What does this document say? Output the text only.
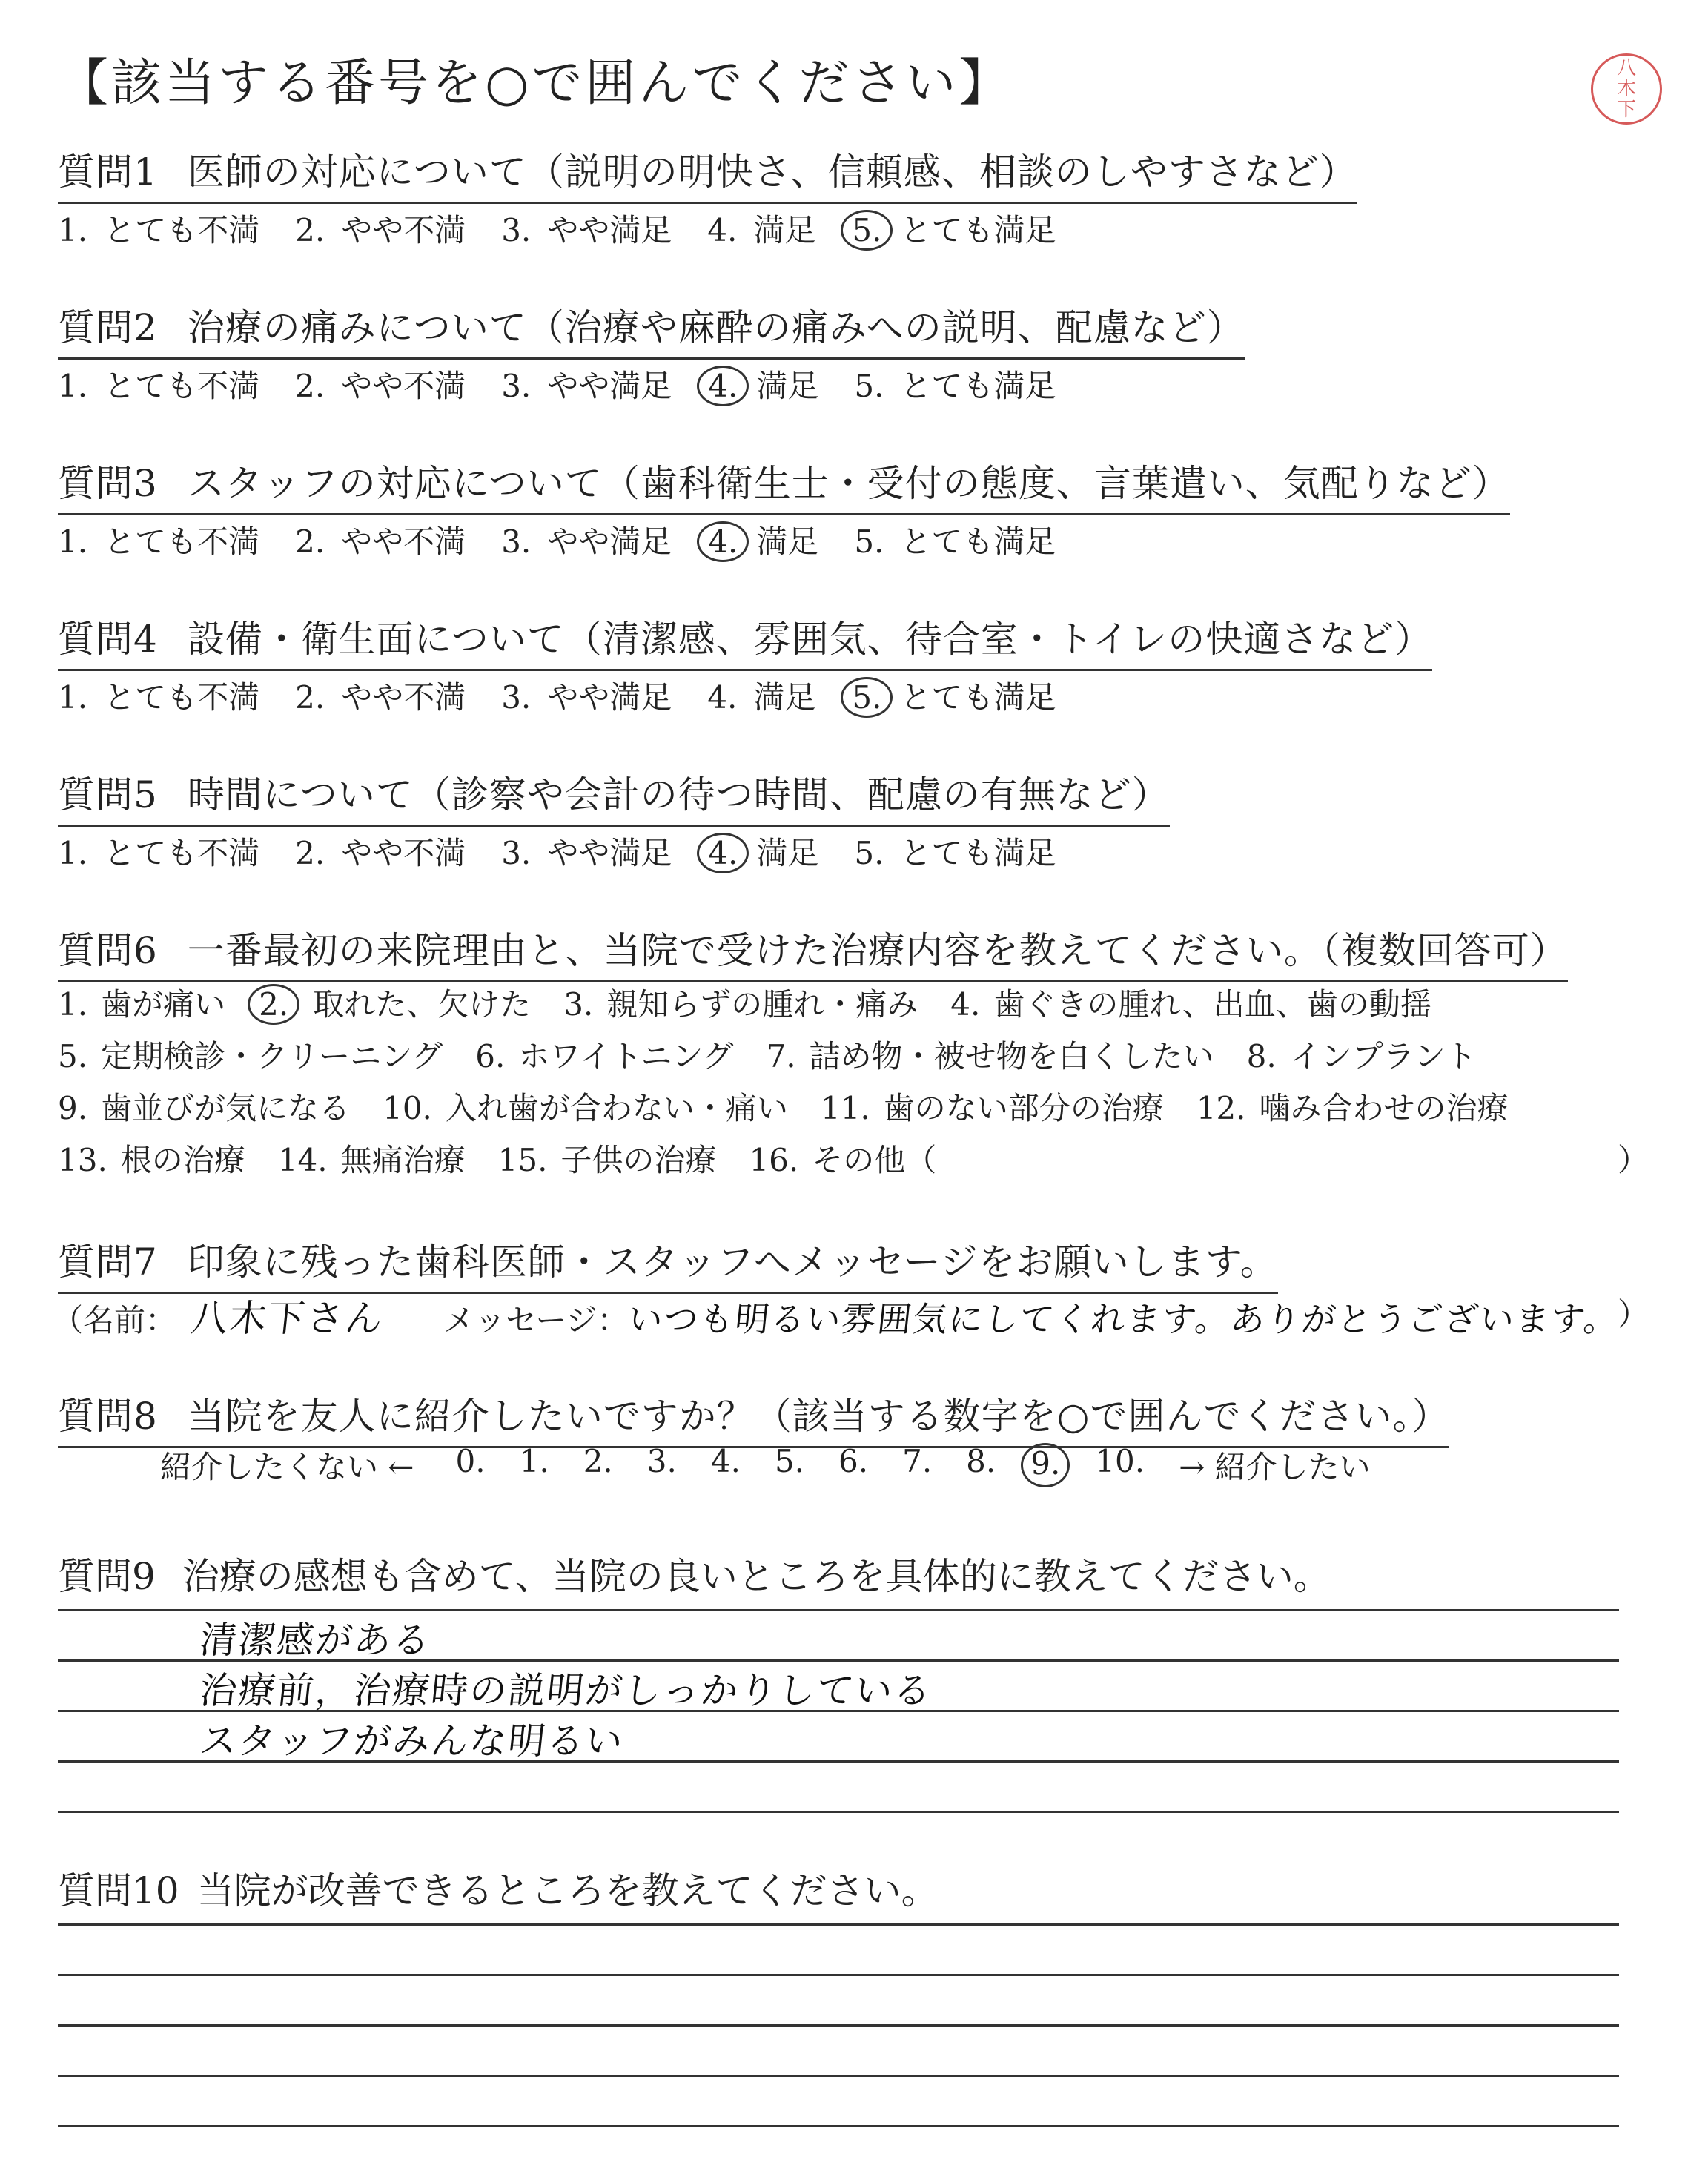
【該当する番号を○で囲んでください】	八
木
下
質問1 医師の対応について（説明の明快さ、信頼感、相談のしやすさなど）
1. とても不満 2. やや不満 3. やや満足 4. 満足 5. とても満足
質問2 治療の痛みについて（治療や麻酔の痛みへの説明、配慮など）
1. とても不満 2. やや不満 3. やや満足 4. 満足 5. とても満足
質問3 スタッフの対応について（歯科衛生士・受付の態度、言葉遣い、気配りなど）
1. とても不満 2. やや不満 3. やや満足 4. 満足 5. とても満足
質問4 設備・衛生面について（清潔感、雰囲気、待合室・トイレの快適さなど）
1. とても不満 2. やや不満 3. やや満足 4. 満足 5. とても満足
質問5 時間について（診察や会計の待つ時間、配慮の有無など）
1. とても不満 2. やや不満 3. やや満足 4. 満足 5. とても満足
質問6 一番最初の来院理由と、当院で受けた治療内容を教えてください。（複数回答可）
1. 歯が痛い 2. 取れた、欠けた 3. 親知らずの腫れ・痛み 4. 歯ぐきの腫れ、出血、歯の動揺
5. 定期検診・クリーニング 6. ホワイトニング 7. 詰め物・被せ物を白くしたい 8. インプラント
9. 歯並びが気になる 10. 入れ歯が合わない・痛い 11. 歯のない部分の治療 12. 噛み合わせの治療
13. 根の治療 14. 無痛治療 15. 子供の治療 16. その他（	）
質問7 印象に残った歯科医師・スタッフへメッセージをお願いします。
（名前： 八木下さん メッセージ：
いつも明るい雰囲気にしてくれます。ありがとうございます。
）
質問8 当院を友人に紹介したいですか？（該当する数字を○で囲んでください。）
紹介したくない ← 0. 1. 2. 3. 4. 5. 6. 7. 8.	9.	10. → 紹介したい
質問9 治療の感想も含めて、当院の良いところを具体的に教えてください。
清潔感がある
治療前，治療時の説明がしっかりしている
スタッフがみんな明るい
質問10 当院が改善できるところを教えてください。
